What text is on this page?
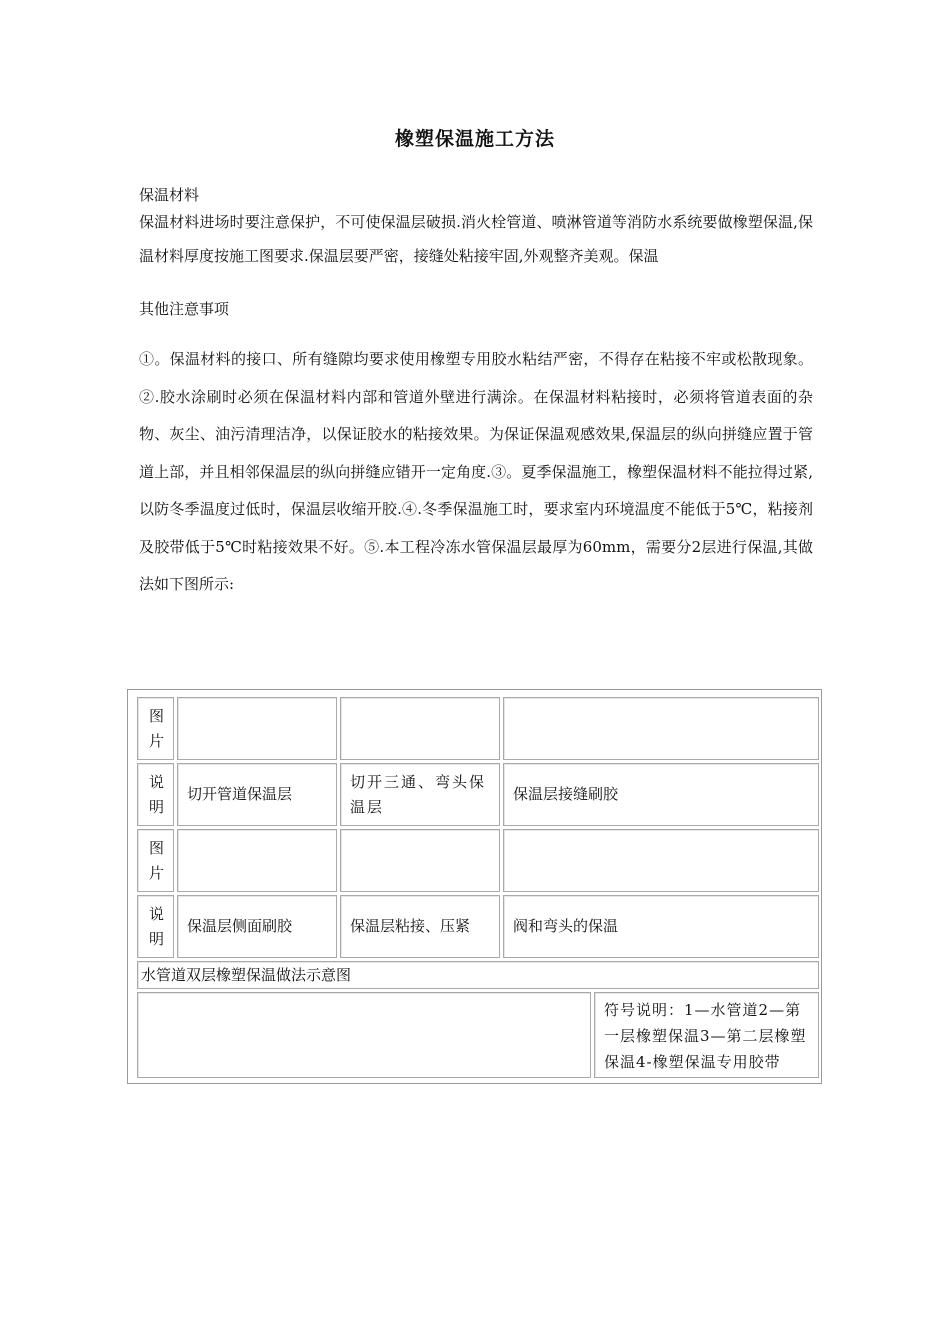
橡塑保温施工方法
保温材料
保温材料进场时要注意保护，不可使保温层破损.消火栓管道、喷淋管道等消防水系统要做橡塑保温,保温材料厚度按施工图要求.保温层要严密，接缝处粘接牢固,外观整齐美观。保温
其他注意事项
①。保温材料的接口、所有缝隙均要求使用橡塑专用胶水粘结严密，不得存在粘接不牢或松散现象。②.胶水涂刷时必须在保温材料内部和管道外壁进行满涂。在保温材料粘接时，必须将管道表面的杂物、灰尘、油污清理洁净，以保证胶水的粘接效果。为保证保温观感效果,保温层的纵向拼缝应置于管道上部，并且相邻保温层的纵向拼缝应错开一定角度.③。夏季保温施工，橡塑保温材料不能拉得过紧,以防冬季温度过低时，保温层收缩开胶.④.冬季保温施工时，要求室内环境温度不能低于5℃，粘接剂及胶带低于5℃时粘接效果不好。⑤.本工程冷冻水管保温层最厚为60mm，需要分2层进行保温,其做法如下图所示:
图片
说明
切开管道保温层
切开三通、弯头保温层
保温层接缝刷胶
图片
说明
保温层侧面刷胶	保温层粘接、压紧	阀和弯头的保温
水管道双层橡塑保温做法示意图
符号说明：1—水管道2—第一层橡塑保温3—第二层橡塑保温4-橡塑保温专用胶带
